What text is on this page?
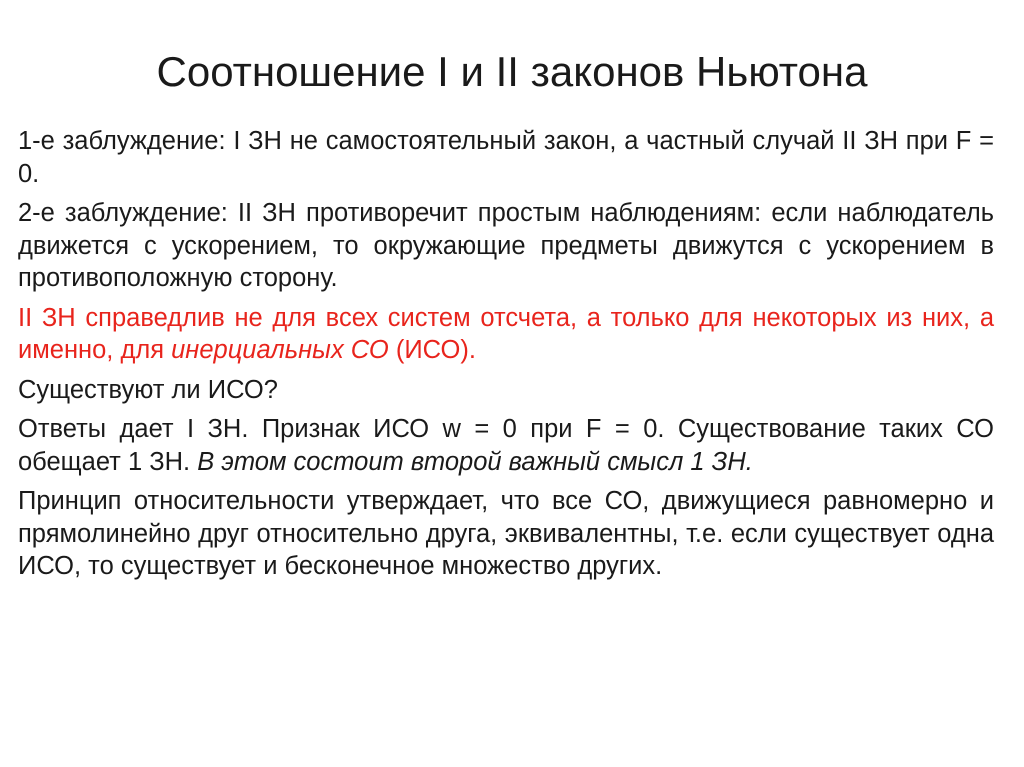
Соотношение I и II законов Ньютона

1-е заблуждение: I ЗН не самостоятельный закон, а частный случай II ЗН при F = 0.

2-е заблуждение: II ЗН противоречит простым наблюдениям: если наблюдатель движется с ускорением, то окружающие предметы движутся с ускорением в противоположную сторону.

II ЗН справедлив не для всех систем отсчета, а только для некоторых из них, а именно, для инерциальных СО (ИСО).

Существуют ли ИСО?

Ответы дает I ЗН. Признак ИСО w = 0 при F = 0. Существование таких СО обещает 1 ЗН. В этом состоит второй важный смысл 1 ЗН.

Принцип относительности утверждает, что все СО, движущиеся равномерно и прямолинейно друг относительно друга, эквивалентны, т.е. если существует одна ИСО, то существует и бесконечное множество других.
